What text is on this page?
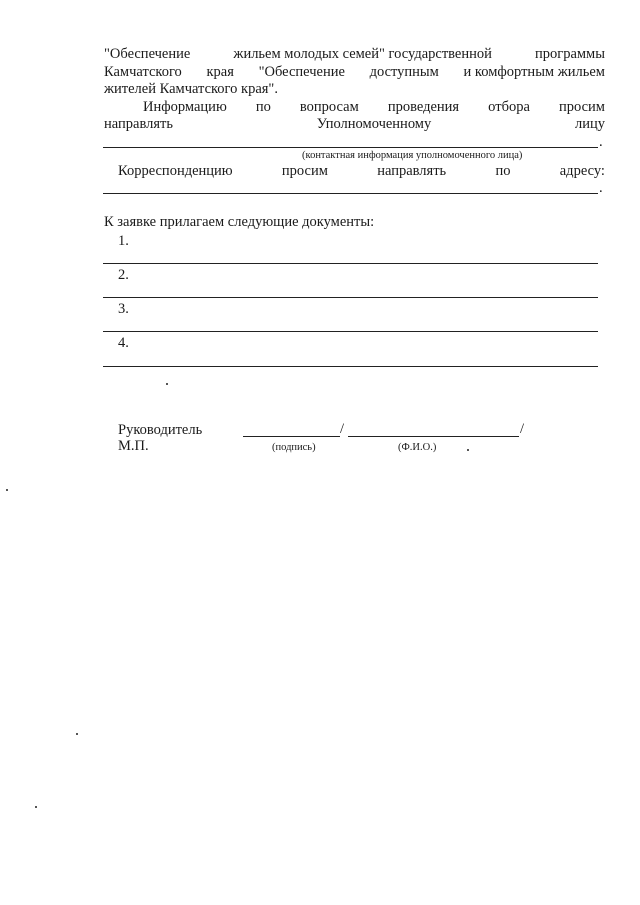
"Обеспечение	жильем молодых семей" государственной	программы
Камчатского края "Обеспечение доступным и комфортным жильем
жителей Камчатского края".
Информацию по вопросам проведения отбора просим
направлять	Уполномоченному	лицу
.
(контактная информация уполномоченного лица)
Корреспонденцию	просим	направлять	по	адресу:
.
К заявке прилагаем следующие документы:
1.
2.
3.
4.
Руководитель
М.П.
/	/
(подпись)	(Ф.И.О.)
